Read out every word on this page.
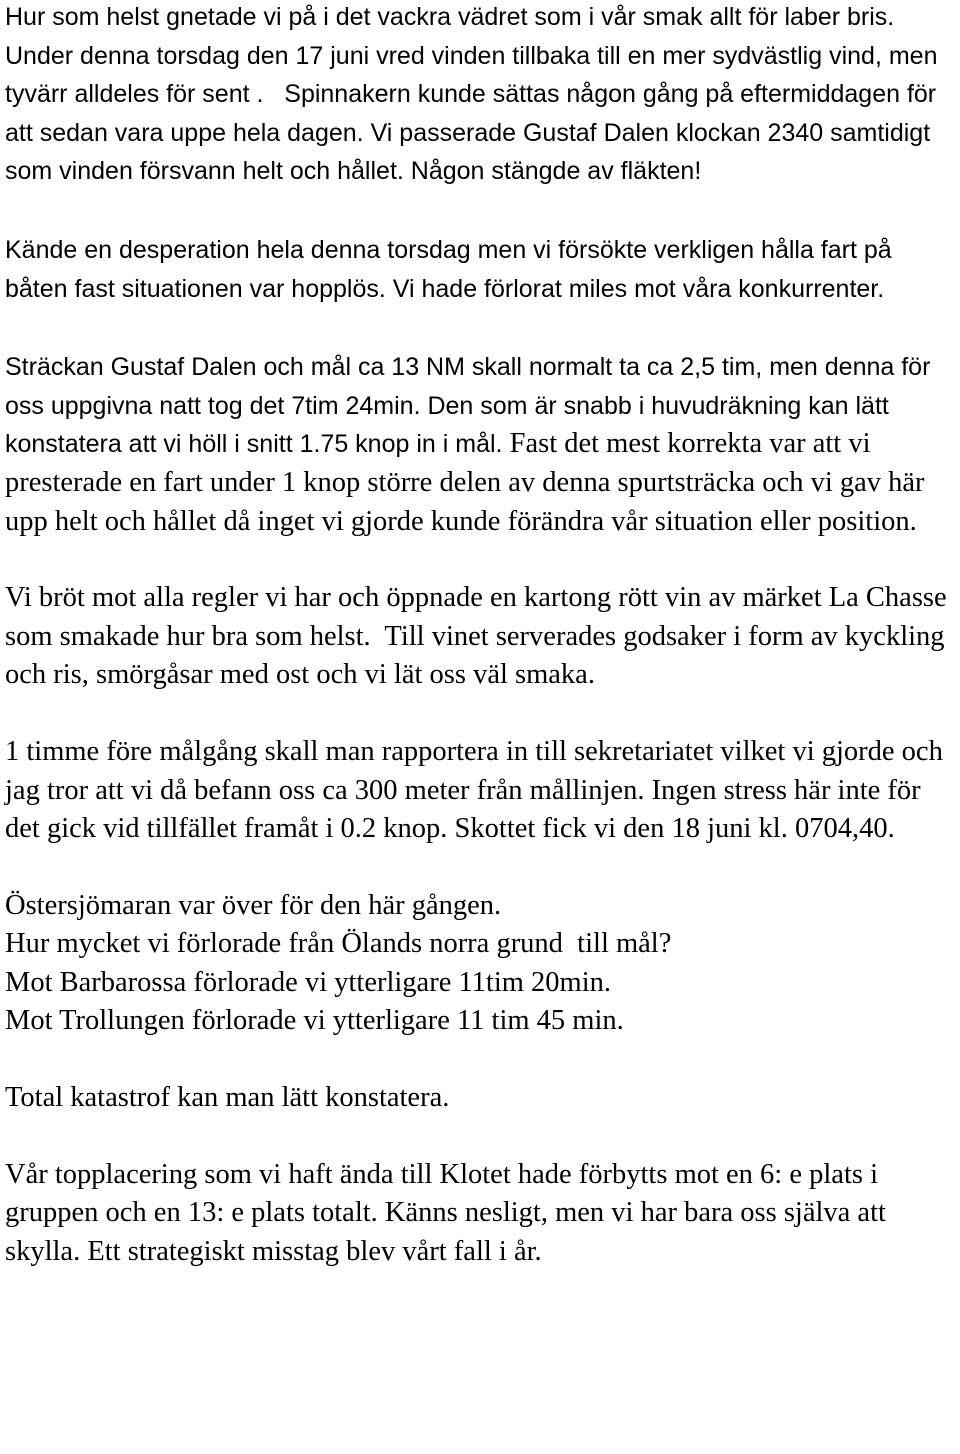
Hur som helst gnetade vi på i det vackra vädret som i vår smak allt för laber bris. Under denna torsdag den 17 juni vred vinden tillbaka till en mer sydvästlig vind, men tyvärr alldeles för sent .   Spinnakern kunde sättas någon gång på eftermiddagen för att sedan vara uppe hela dagen. Vi passerade Gustaf Dalen klockan 2340 samtidigt som vinden försvann helt och hållet. Någon stängde av fläkten!

Kände en desperation hela denna torsdag men vi försökte verkligen hålla fart på båten fast situationen var hopplös. Vi hade förlorat miles mot våra konkurrenter.

Sträckan Gustaf Dalen och mål ca 13 NM skall normalt ta ca 2,5 tim, men denna för oss uppgivna natt tog det 7tim 24min. Den som är snabb i huvudräkning kan lätt konstatera att vi höll i snitt 1.75 knop in i mål. Fast det mest korrekta var att vi presterade en fart under 1 knop större delen av denna spurtsträcka och vi gav här upp helt och hållet då inget vi gjorde kunde förändra vår situation eller position.

Vi bröt mot alla regler vi har och öppnade en kartong rött vin av märket La Chasse som smakade hur bra som helst.  Till vinet serverades godsaker i form av kyckling och ris, smörgåsar med ost och vi lät oss väl smaka.

1 timme före målgång skall man rapportera in till sekretariatet vilket vi gjorde och jag tror att vi då befann oss ca 300 meter från mållinjen. Ingen stress här inte för det gick vid tillfället framåt i 0.2 knop. Skottet fick vi den 18 juni kl. 0704,40.

Östersjömaran var över för den här gången.

Hur mycket vi förlorade från Ölands norra grund  till mål?

Mot Barbarossa förlorade vi ytterligare 11tim 20min.

Mot Trollungen förlorade vi ytterligare 11 tim 45 min.

Total katastrof kan man lätt konstatera.

Vår topplacering som vi haft ända till Klotet hade förbytts mot en 6: e plats i gruppen och en 13: e plats totalt. Känns nesligt, men vi har bara oss själva att skylla. Ett strategiskt misstag blev vårt fall i år.
